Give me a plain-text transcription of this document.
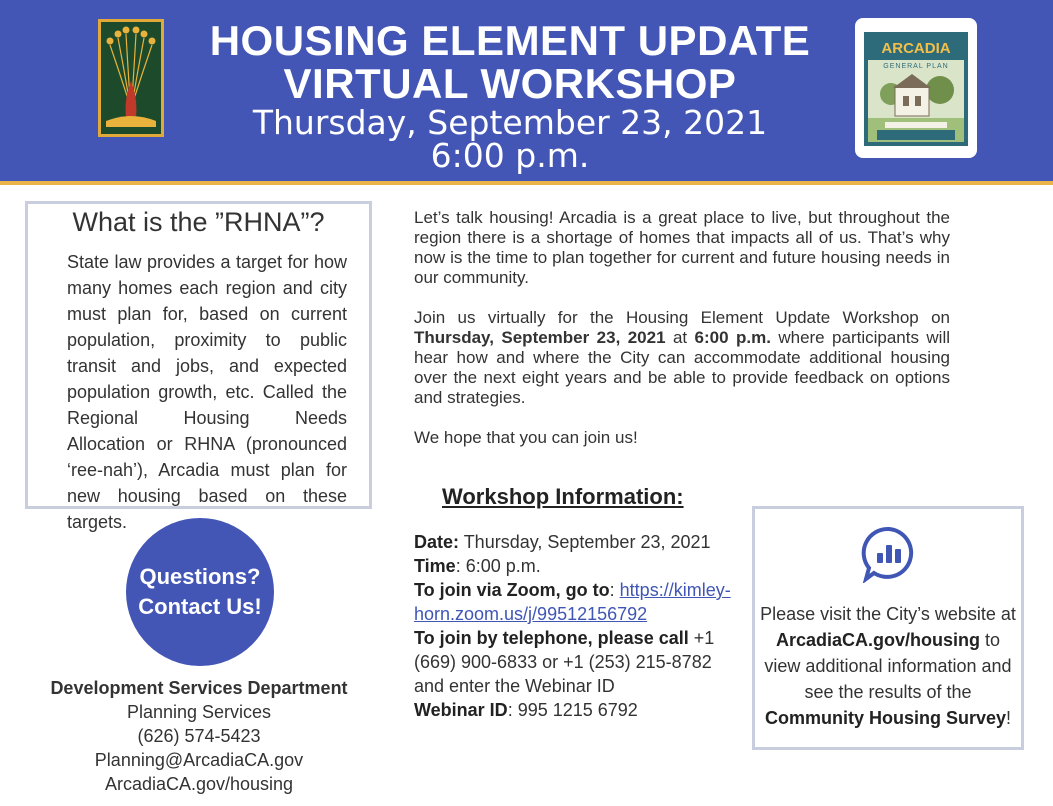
HOUSING ELEMENT UPDATE
VIRTUAL WORKSHOP
Thursday, September 23, 2021
6:00 p.m.
ARCADIA
GENERAL PLAN
What is the ”RHNA”?
State law provides a target for how many homes each region and city must plan for, based on current population, proximity to public transit and jobs, and expected population growth, etc. Called the Regional Housing Needs Allocation or RHNA (pronounced ‘ree-nah’), Arcadia must plan for new housing based on these targets.
Questions?
Contact Us!
Development Services Department
Planning Services
(626) 574-5423
Planning@ArcadiaCA.gov
ArcadiaCA.gov/housing

Let’s talk housing! Arcadia is a great place to live, but throughout the region there is a shortage of homes that impacts all of us. That’s why now is the time to plan together for current and future housing needs in our community.

Join us virtually for the Housing Element Update Workshop on Thursday, September 23, 2021 at 6:00 p.m. where participants will hear how and where the City can accommodate additional housing over the next eight years and be able to provide feedback on options and strategies.

We hope that you can join us!

Workshop Information:
Date: Thursday, September 23, 2021
Time: 6:00 p.m.
To join via Zoom, go to: https://kimley-horn.zoom.us/j/99512156792
To join by telephone, please call +1 (669) 900-6833 or +1 (253) 215-8782 and enter the Webinar ID
Webinar ID: 995 1215 6792
Please visit the City’s website at ArcadiaCA.gov/housing to view additional information and see the results of the Community Housing Survey!
